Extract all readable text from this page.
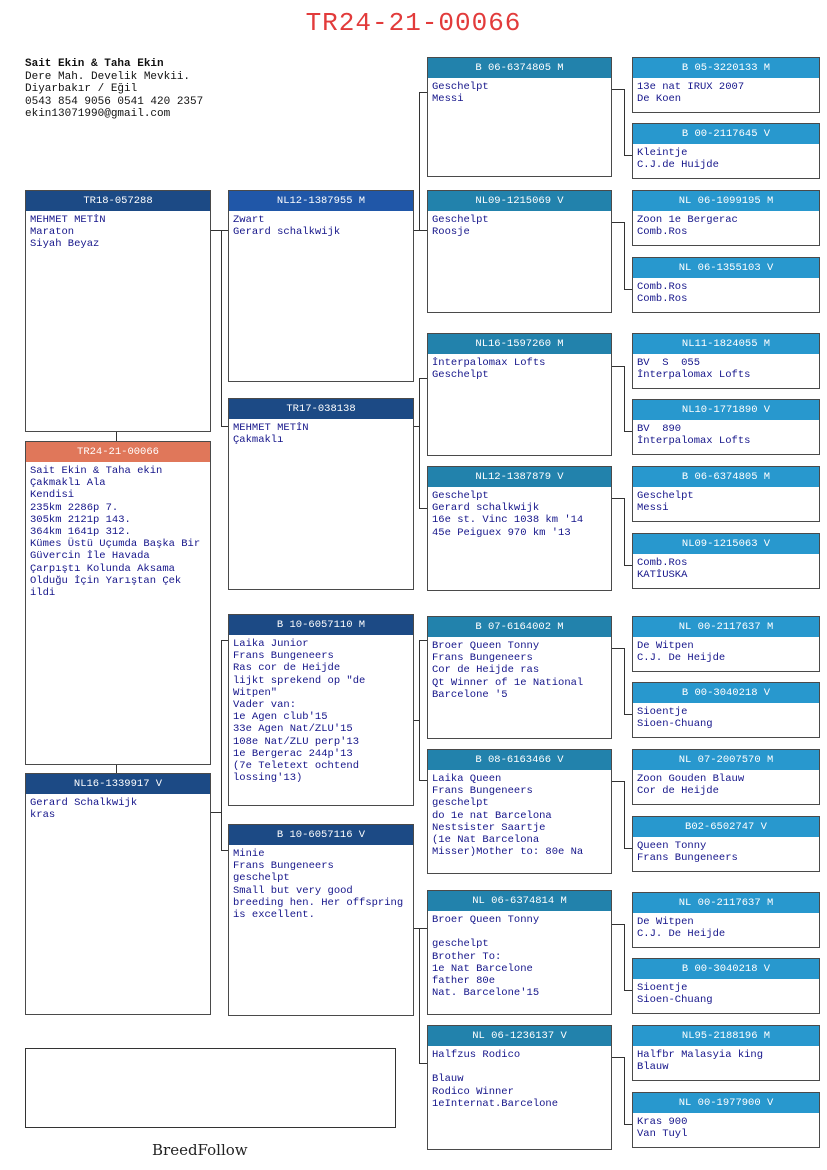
TR24-21-00066
Sait Ekin & Taha Ekin
Dere Mah. Develik Mevkii.
Diyarbakır / Eğil
0543 854 9056 0541 420 2357
ekin13071990@gmail.com
TR18-057288
MEHMET METİN
Maraton
Siyah Beyaz
TR24-21-00066
Sait Ekin & Taha ekin
Çakmaklı Ala
Kendisi
235km 2286p 7.
305km 2121p 143.
364km 1641p 312.
Kümes Üstü Uçumda Başka Bir Güvercin İle Havada Çarpıştı Kolunda Aksama Olduğu İçin Yarıştan Çek ildi
NL16-1339917 V
Gerard Schalkwijk
kras
NL12-1387955 M
Zwart
Gerard schalkwijk
TR17-038138
MEHMET METİN
Çakmaklı
B 10-6057110 M
Laika Junior
Frans Bungeneers
Ras cor de Heijde
lijkt sprekend op "de Witpen"
Vader van:
1e Agen club'15
33e Agen Nat/ZLU'15
108e Nat/ZLU perp'13
1e Bergerac 244p'13
(7e Teletext ochtend lossing'13)
B 10-6057116 V
Minie
Frans Bungeneers
geschelpt
Small but very good breeding hen. Her offspring is excellent.
B 06-6374805 M
Geschelpt
Messi
NL09-1215069 V
Geschelpt
Roosje
NL16-1597260 M
İnterpalomax Lofts
Geschelpt
NL12-1387879 V
Geschelpt
Gerard schalkwijk
16e st. Vinc 1038 km '14
45e Peiguex 970 km '13
B 07-6164002 M
Broer Queen Tonny
Frans Bungeneers
Cor de Heijde ras
Qt Winner of 1e National Barcelone '5
B 08-6163466 V
Laika Queen
Frans Bungeneers
geschelpt
do 1e nat Barcelona
Nestsister Saartje
(1e Nat Barcelona Misser)Mother to: 80e Na
NL 06-6374814 M
Broer Queen Tonny

geschelpt
Brother To:
1e Nat Barcelone
father 80e
Nat. Barcelone'15
NL 06-1236137 V
Halfzus Rodico

Blauw
Rodico Winner
1eInternat.Barcelone
B 05-3220133 M
13e nat IRUX 2007
De Koen
B 00-2117645 V
Kleintje
C.J.de Huijde
NL 06-1099195 M
Zoon 1e Bergerac
Comb.Ros
NL 06-1355103 V
Comb.Ros
Comb.Ros
NL11-1824055 M
BV  S  055
İnterpalomax Lofts
NL10-1771890 V
BV  890
İnterpalomax Lofts
B 06-6374805 M
Geschelpt
Messi
NL09-1215063 V
Comb.Ros
KATİUSKA
NL 00-2117637 M
De Witpen
C.J. De Heijde
B 00-3040218 V
Sioentje
Sioen-Chuang
NL 07-2007570 M
Zoon Gouden Blauw
Cor de Heijde
B02-6502747 V
Queen Tonny
Frans Bungeneers
NL 00-2117637 M
De Witpen
C.J. De Heijde
B 00-3040218 V
Sioentje
Sioen-Chuang
NL95-2188196 M
Halfbr Malasyia king
Blauw
NL 00-1977900 V
Kras 900
Van Tuyl
BreedFollow
